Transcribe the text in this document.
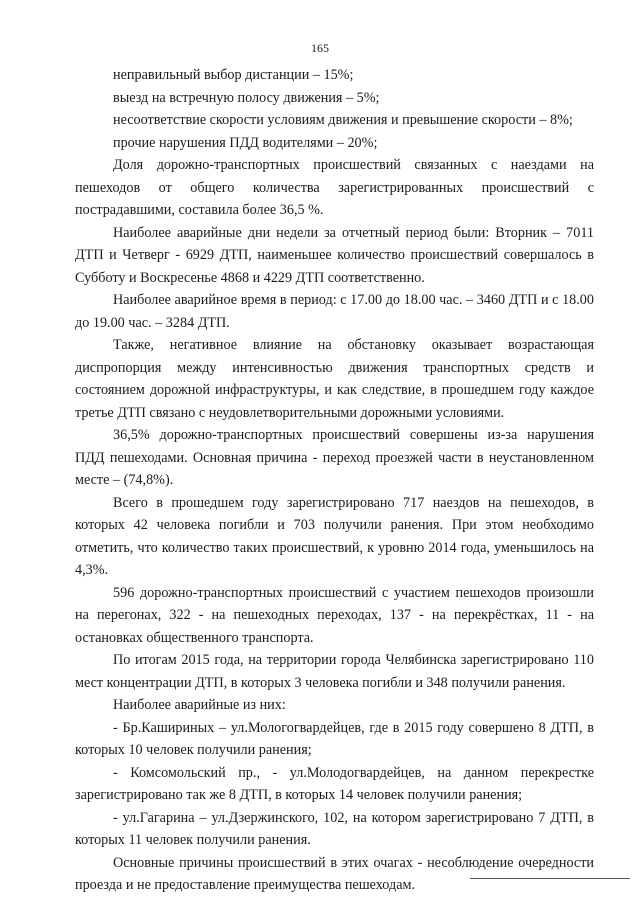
165

неправильный выбор дистанции – 15%;

выезд на встречную полосу движения – 5%;

несоответствие скорости условиям движения и превышение скорости – 8%;

прочие нарушения ПДД водителями – 20%;

Доля дорожно-транспортных происшествий связанных с наездами на пешеходов от общего количества зарегистрированных происшествий с пострадавшими, составила более 36,5 %.

Наиболее аварийные дни недели за отчетный период были: Вторник – 7011 ДТП и Четверг - 6929 ДТП, наименьшее количество происшествий совершалось в Субботу и Воскресенье 4868 и 4229 ДТП соответственно.

Наиболее аварийное время в период: с 17.00 до 18.00 час. – 3460 ДТП и с 18.00 до 19.00 час. – 3284 ДТП.

Также, негативное влияние на обстановку оказывает возрастающая диспропорция между интенсивностью движения транспортных средств и состоянием дорожной инфраструктуры, и как следствие, в прошедшем году каждое третье ДТП связано с неудовлетворительными дорожными условиями.

36,5% дорожно-транспортных происшествий совершены из-за нарушения ПДД пешеходами. Основная причина - переход проезжей части в неустановленном месте – (74,8%).

Всего в прошедшем году зарегистрировано 717 наездов на пешеходов, в которых 42 человека погибли и 703 получили ранения. При этом необходимо отметить, что количество таких происшествий, к уровню 2014 года, уменьшилось на 4,3%.

596 дорожно-транспортных происшествий с участием пешеходов произошли на перегонах, 322 - на пешеходных переходах, 137 - на перекрёстках, 11 - на остановках общественного транспорта.

По итогам 2015 года, на территории города Челябинска зарегистрировано 110 мест концентрации ДТП, в которых 3 человека погибли и 348 получили ранения.

Наиболее аварийные из них:

- Бр.Кашириных – ул.Мологогвардейцев, где в 2015 году совершено 8 ДТП, в которых 10 человек получили ранения;

- Комсомольский пр., - ул.Молодогвардейцев, на данном перекрестке зарегистрировано так же 8 ДТП, в которых 14 человек получили ранения;

- ул.Гагарина – ул.Дзержинского, 102, на котором зарегистрировано 7 ДТП, в которых 11 человек получили ранения.

Основные причины происшествий в этих очагах - несоблюдение очередности проезда и не предоставление преимущества пешеходам.
